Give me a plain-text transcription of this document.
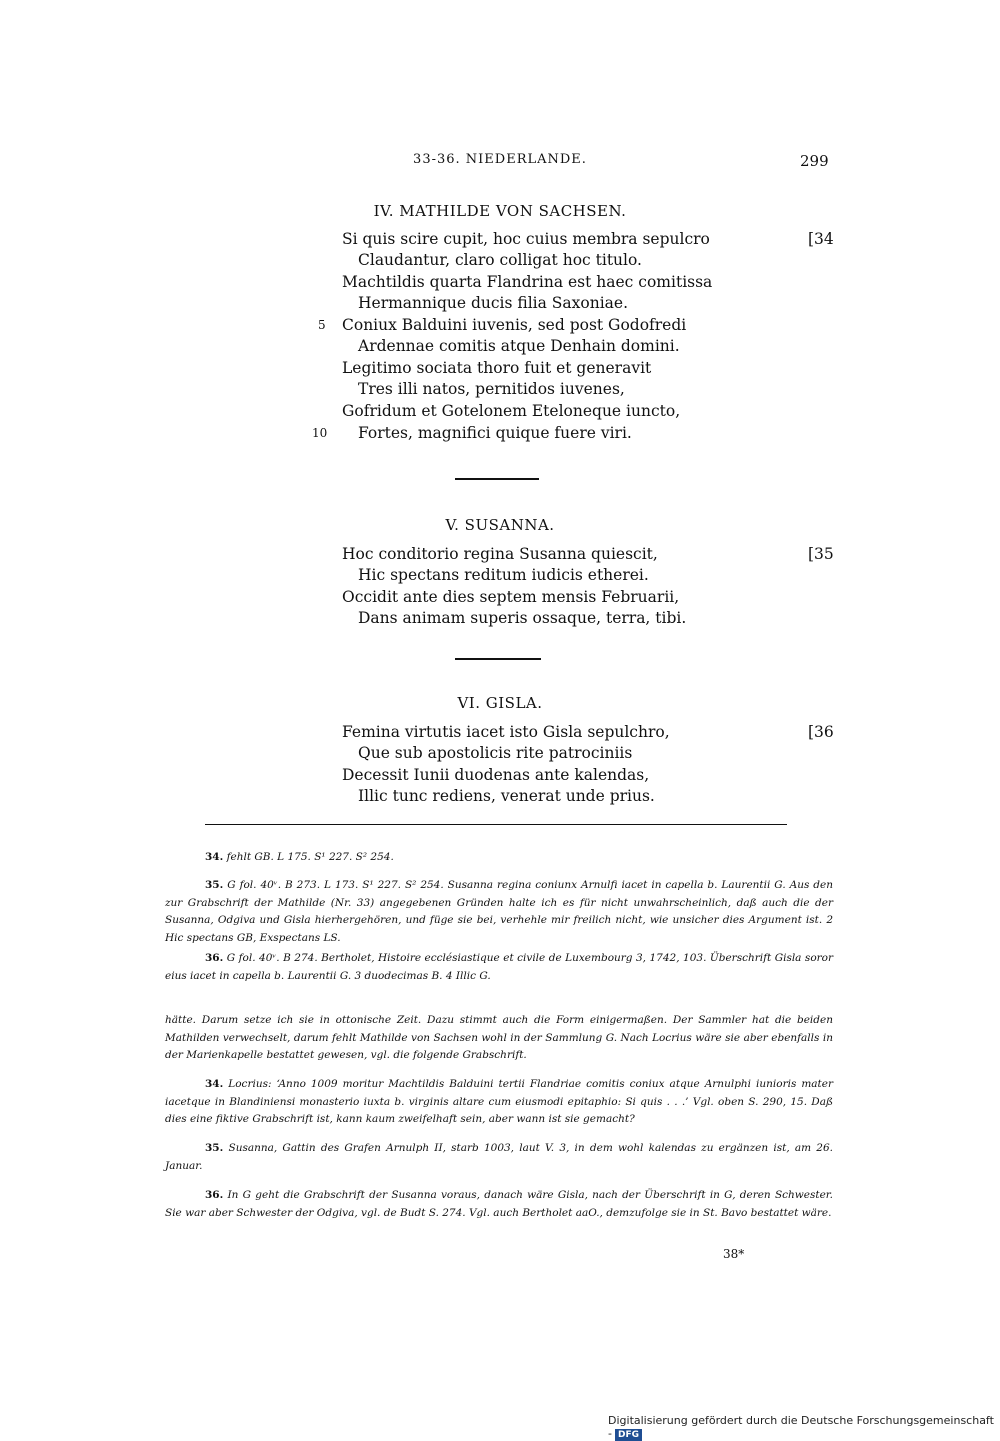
33-36. NIEDERLANDE.	299
IV. MATHILDE VON SACHSEN.
[34
Si quis scire cupit, hoc cuius membra sepulcro
Claudantur, claro colligat hoc titulo.
Machtildis quarta Flandrina est haec comitissa
Hermannique ducis filia Saxoniae.
5 Coniux Balduini iuvenis, sed post Godofredi
Ardennae comitis atque Denhain domini.
Legitimo sociata thoro fuit et generavit
Tres illi natos, pernitidos iuvenes,
Gofridum et Gotelonem Eteloneque iuncto,
10 Fortes, magnifici quique fuere viri.
V. SUSANNA.
[35
Hoc conditorio regina Susanna quiescit,
Hic spectans reditum iudicis etherei.
Occidit ante dies septem mensis Februarii,
Dans animam superis ossaque, terra, tibi.
VI. GISLA.
[36
Femina virtutis iacet isto Gisla sepulchro,
Que sub apostolicis rite patrociniis
Decessit Iunii duodenas ante kalendas,
Illic tunc rediens, venerat unde prius.
34. fehlt GB. L 175. S¹ 227. S² 254.
35. G fol. 40ᵛ. B 273. L 173. S¹ 227. S² 254. Susanna regina coniunx Arnulfi iacet in capella b. Laurentii G. Aus den zur Grabschrift der Mathilde (Nr. 33) angegebenen Gründen halte ich es für nicht unwahrscheinlich, daß auch die der Susanna, Odgiva und Gisla hierhergehören, und füge sie bei, verhehle mir freilich nicht, wie unsicher dies Argument ist. 2 Hic spectans GB, Exspectans LS.
36. G fol. 40ᵛ. B 274. Bertholet, Histoire ecclésiastique et civile de Luxembourg 3, 1742, 103. Überschrift Gisla soror eius iacet in capella b. Laurentii G. 3 duodecimas B. 4 Illic G.
hätte. Darum setze ich sie in ottonische Zeit. Dazu stimmt auch die Form einigermaßen. Der Sammler hat die beiden Mathilden verwechselt, darum fehlt Mathilde von Sachsen wohl in der Sammlung G. Nach Locrius wäre sie aber ebenfalls in der Marienkapelle bestattet gewesen, vgl. die folgende Grabschrift.
34. Locrius: ‘Anno 1009 moritur Machtildis Balduini tertii Flandriae comitis coniux atque Arnulphi iunioris mater iacetque in Blandiniensi monasterio iuxta b. virginis altare cum eiusmodi epitaphio: Si quis . . .’ Vgl. oben S. 290, 15. Daß dies eine fiktive Grabschrift ist, kann kaum zweifelhaft sein, aber wann ist sie gemacht?
35. Susanna, Gattin des Grafen Arnulph II, starb 1003, laut V. 3, in dem wohl kalendas zu ergänzen ist, am 26. Januar.
36. In G geht die Grabschrift der Susanna voraus, danach wäre Gisla, nach der Überschrift in G, deren Schwester. Sie war aber Schwester der Odgiva, vgl. de Budt S. 274. Vgl. auch Bertholet aaO., demzufolge sie in St. Bavo bestattet wäre.
38*
Digitalisierung gefördert durch die Deutsche Forschungsgemeinschaft - DFG
